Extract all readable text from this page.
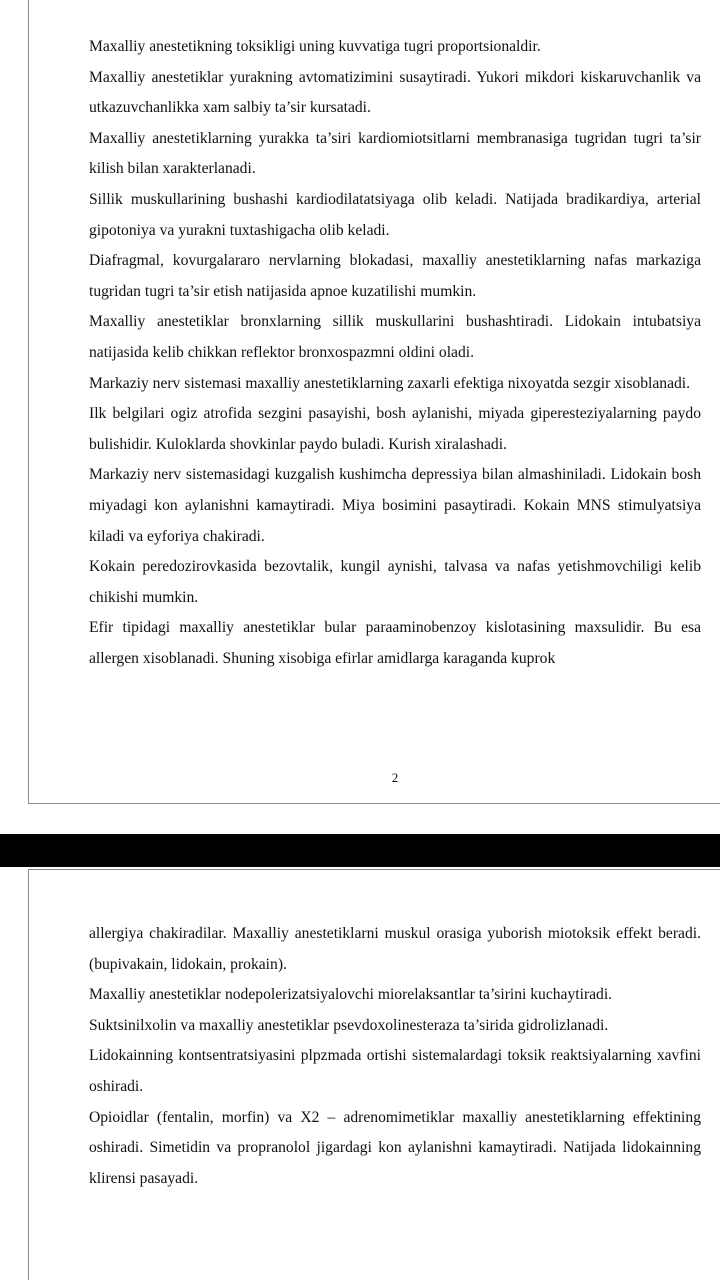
Maxalliy anestetikning toksikligi uning kuvvatiga tugri proportsionaldir.

Maxalliy anestetiklar yurakning avtomatizimini susaytiradi. Yukori mikdori kiskaruvchanlik va utkazuvchanlikka xam salbiy ta’sir kursatadi.

Maxalliy anestetiklarning yurakka ta’siri kardiomiotsitlarni membranasiga tugridan tugri ta’sir kilish bilan xarakterlanadi.

Sillik muskullarining bushashi kardiodilatatsiyaga olib keladi. Natijada bradikardiya, arterial gipotoniya va yurakni tuxtashigacha olib keladi.

Diafragmal, kovurgalararo nervlarning blokadasi, maxalliy anestetiklarning nafas markaziga tugridan tugri ta’sir etish natijasida apnoe kuzatilishi mumkin.

Maxalliy anestetiklar bronxlarning sillik muskullarini bushashtiradi. Lidokain intubatsiya natijasida kelib chikkan reflektor bronxospazmni oldini oladi.

Markaziy nerv sistemasi maxalliy anestetiklarning zaxarli efektiga nixoyatda sezgir xisoblanadi.

Ilk belgilari ogiz atrofida sezgini pasayishi, bosh aylanishi, miyada giperesteziyalarning paydo bulishidir. Kuloklarda shovkinlar paydo buladi. Kurish xiralashadi.

Markaziy nerv sistemasidagi kuzgalish kushimcha depressiya bilan almashiniladi. Lidokain bosh miyadagi kon aylanishni kamaytiradi. Miya bosimini pasaytiradi. Kokain MNS stimulyatsiya kiladi va eyforiya chakiradi.

Kokain peredozirovkasida bezovtalik, kungil aynishi, talvasa va nafas yetishmovchiligi kelib chikishi mumkin.

Efir tipidagi maxalliy anestetiklar bular paraaminobenzoy kislotasining maxsulidir. Bu esa allergen xisoblanadi. Shuning xisobiga efirlar amidlarga karaganda kuprok

2

allergiya chakiradilar. Maxalliy anestetiklarni muskul orasiga yuborish miotoksik effekt beradi. (bupivakain, lidokain, prokain).

Maxalliy anestetiklar nodepolerizatsiyalovchi miorelaksantlar ta’sirini kuchaytiradi.

Suktsinilxolin va maxalliy anestetiklar psevdoxolinesteraza ta’sirida gidrolizlanadi.

Lidokainning kontsentratsiyasini plpzmada ortishi sistemalardagi toksik reaktsiyalarning xavfini oshiradi.

Opioidlar (fentalin, morfin) va X2 – adrenomimetiklar maxalliy anestetiklarning effektining oshiradi. Simetidin va propranolol jigardagi kon aylanishni kamaytiradi. Natijada lidokainning klirensi pasayadi.
